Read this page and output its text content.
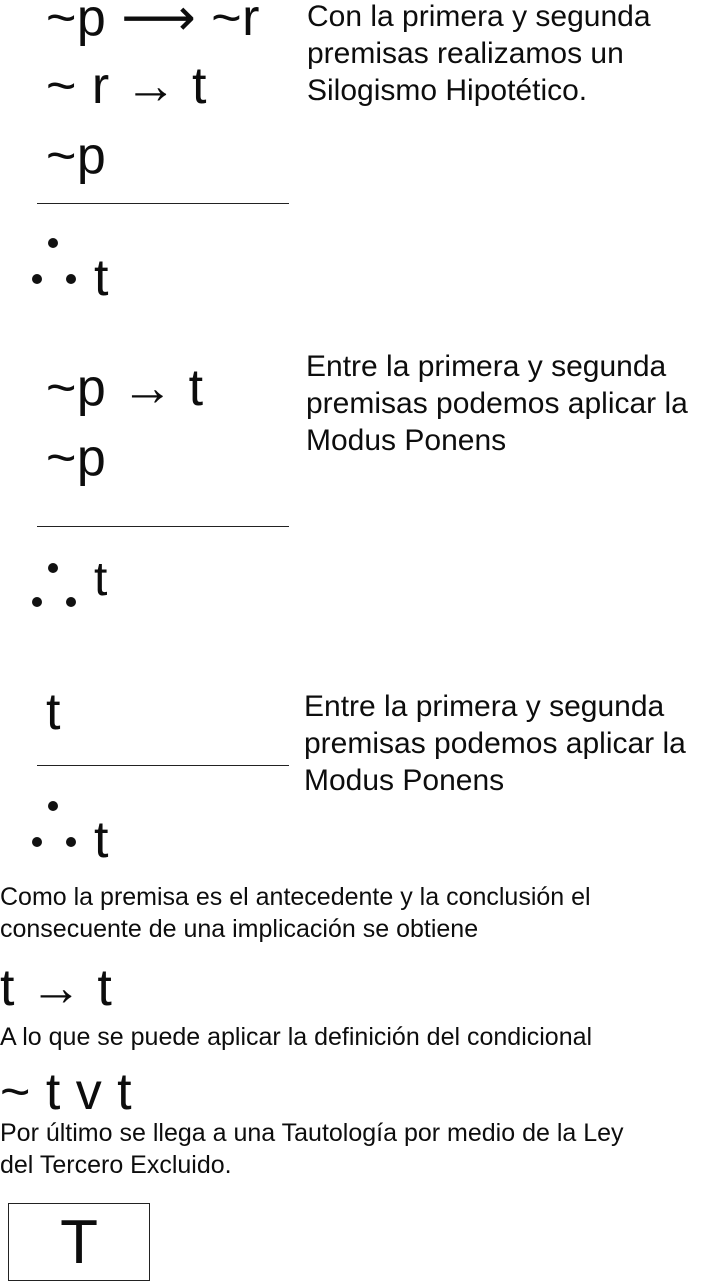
~p ⟶ ~r
~ r → t
~p
t
Con la primera y segunda
premisas realizamos un
Silogismo Hipotético.
~p → t
~p
t
Entre la primera y segunda
premisas podemos aplicar la
Modus Ponens
t
t
Entre la primera y segunda
premisas podemos aplicar la
Modus Ponens
Como la premisa es el antecedente y la conclusión el
consecuente de una implicación se obtiene
t → t
A lo que se puede aplicar la definición del condicional
~ t v t
Por último se llega a una Tautología por medio de la Ley
del Tercero Excluido.
T
